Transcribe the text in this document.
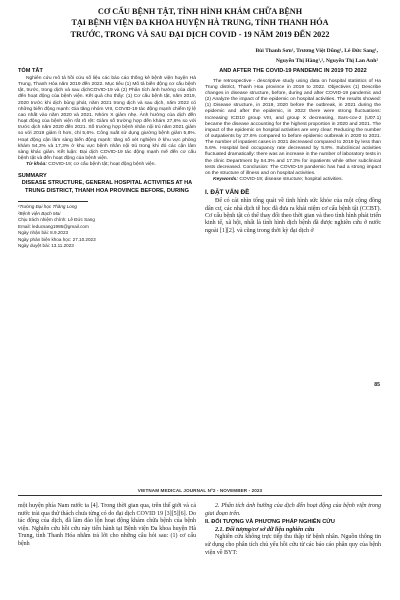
CƠ CẤU BỆNH TẬT, TÌNH HÌNH KHÁM CHỮA BỆNH
TẠI BỆNH VIỆN ĐA KHOA HUYỆN HÀ TRUNG, TỈNH THANH HÓA
TRƯỚC, TRONG VÀ SAU ĐẠI DỊCH COVID - 19 NĂM 2019 ĐẾN 2022
Bùi Thanh Sơn¹, Trương Việt Dũng¹, Lê Đức Sang¹,
Nguyễn Thị Hằng¹,², Nguyễn Thị Lan Anh²
TÓM TẮT
Nghiên cứu mô tả hồi cứu số liệu các báo cáo thống kê bệnh viện huyện Hà Trung, Thanh Hóa năm 2019 đến 2022. Mục tiêu (1) Mô tả biến động cơ cấu bệnh tật, trước, trong dịch và sau dịchCOVID-19 và (2) Phân tích ảnh hưởng của dịch đến hoạt động của bệnh viện. Kết quả cho thấy: (1) Cơ cấu bệnh tật, năm 2019, 2020 trước khi dịch bùng phát, năm 2021 trong dịch và sau dịch, năm 2022 có những biến động mạnh: Gia tăng nhóm VIII, COVID-19 tác động mạnh chiếm tỷ lệ cao nhất vào năm 2020 và 2021. Nhóm X giảm nhẹ. Ảnh hưởng của dịch đến hoạt động của bệnh viện rất rõ rệt: Giảm số trường hợp đến khám 27,6% so với trước dịch năm 2020 đến 2021. Số trường hợp bệnh nhân nội trú năm 2021 giảm so với 2019 giảm ít hơn, chỉ 5,6%. Công suất sử dụng giường bệnh giảm 5,8%. Hoạt động cận lâm sàng biến động mạnh: tăng số xét nghiệm ở khu vực phòng khám 54,3% và 17,3% ở khu vực bệnh nhân nội trú trong khi đó các cận lâm sàng khác giảm. Kết luận: Đại dịch COVID-19 tác động mạnh mẽ đến cơ cấu bệnh tật và đến hoạt động của bệnh viện.
Từ khóa: COVID-19; cơ cấu bệnh tật; hoạt động bệnh viện.
SUMMARY
DISEASE STRUCTURE, GENERAL HOSPITAL ACTIVITIES AT HA TRUNG DISTRICT, THANH HOA PROVINCE BEFORE, DURING
¹Trường Đại học Thăng Long
²Bệnh viện Bạch Mai
Chịu trách nhiệm chính: Lê Đức Sang
Email: leducsang1986@gmail.com
Ngày nhận bài: 8.9.2023
Ngày phản biện khoa học: 27.10.2023
Ngày duyệt bài: 13.11.2023
AND AFTER THE COVID-19 PANDEMIC IN 2019 TO 2022
The retrospective - descriptive study using data on hospital statistics of Ha Trung district, Thanh Hoa province in 2019 to 2022. Objectives (1) Describe changes in disease structure, before, during and after COVID-19 pandemic and (2) Analyze the impact of the epidemic on hospital activities. The results showed: (1) Disease structure, in 2019, 2020 before the outbreak, in 2021 during the epidemic and after the epidemic, in 2022 there were strong fluctuations: Increasing ICD10 group VIII, and group X decreasing, Sars-cov-2 (U07.1) became the disease accounting for the highest proportion in 2020 and 2021. The impact of the epidemic on hospital activities are very clear: Reducing the number of outpatients by 27.6% compared to before epidemic outbreak in 2020 to 2021. The number of inpatient cases in 2021 decreased compared to 2019 by less than 5.6%. Hospital bed occupancy rate decreased by 5.8%. Subclinical activities fluctuated dramatically: there was an increase in the number of laboratory tests in the clinic Department by 54.3% and 17.3% for inpatients while other subclinical tests decreased. Conclusion: The COVID-19 pandemic has had a strong impact on the structure of illness and on hospital activities.
Keywords: COVID-19; disease structure; hospital activities.
I. ĐẶT VẤN ĐỀ
Để có cái nhìn tổng quát về tình hình sức khỏe của một cộng đồng dân cư, các nhà dịch tễ học đã đưa ra khái niệm cơ cấu bệnh tật (CCBT). Cơ cấu bệnh tật có thể thay đổi theo thời gian và theo tình hình phát triển kinh tế, xã hội, nhất là tình hình dịch bệnh đã được nghiên cứu ở nước ngoài [1][2]. và cũng trong thời kỳ đại dịch ở
85
VIETNAM MEDICAL JOURNAL Nº2 - NOVEMBER - 2023
một huyện phía Nam nước ta [4]. Trong thời gian qua, trên thế giới và cả nước trải qua thử thách chưa từng có do đại dịch COVID 19 [3][5][6]. Do tác động của dịch, đã làm đảo lộn hoạt động khám chữa bệnh của bệnh viện. Nghiên cứu hồi cứu này tiến hành tại Bệnh viện Đa khoa huyện Hà Trung, tỉnh Thanh Hóa nhằm trả lời cho những câu hỏi sau: (1) cơ cấu bệnh
2. Phân tích ảnh hưởng của dịch đến hoạt động của bệnh viện trong giai đoạn trên.
II. ĐỐI TƯỢNG VÀ PHƯƠNG PHÁP NGHIÊN CỨU
2.1. Đối tượng/cơ sở dữ liệu nghiên cứu
Nghiên cứu không trực tiếp thu thập từ bệnh nhân. Nguồn thông tin sử dụng cho phân tích chủ yếu hồi cứu từ các báo cáo phân quy của bệnh viện về BYT:
